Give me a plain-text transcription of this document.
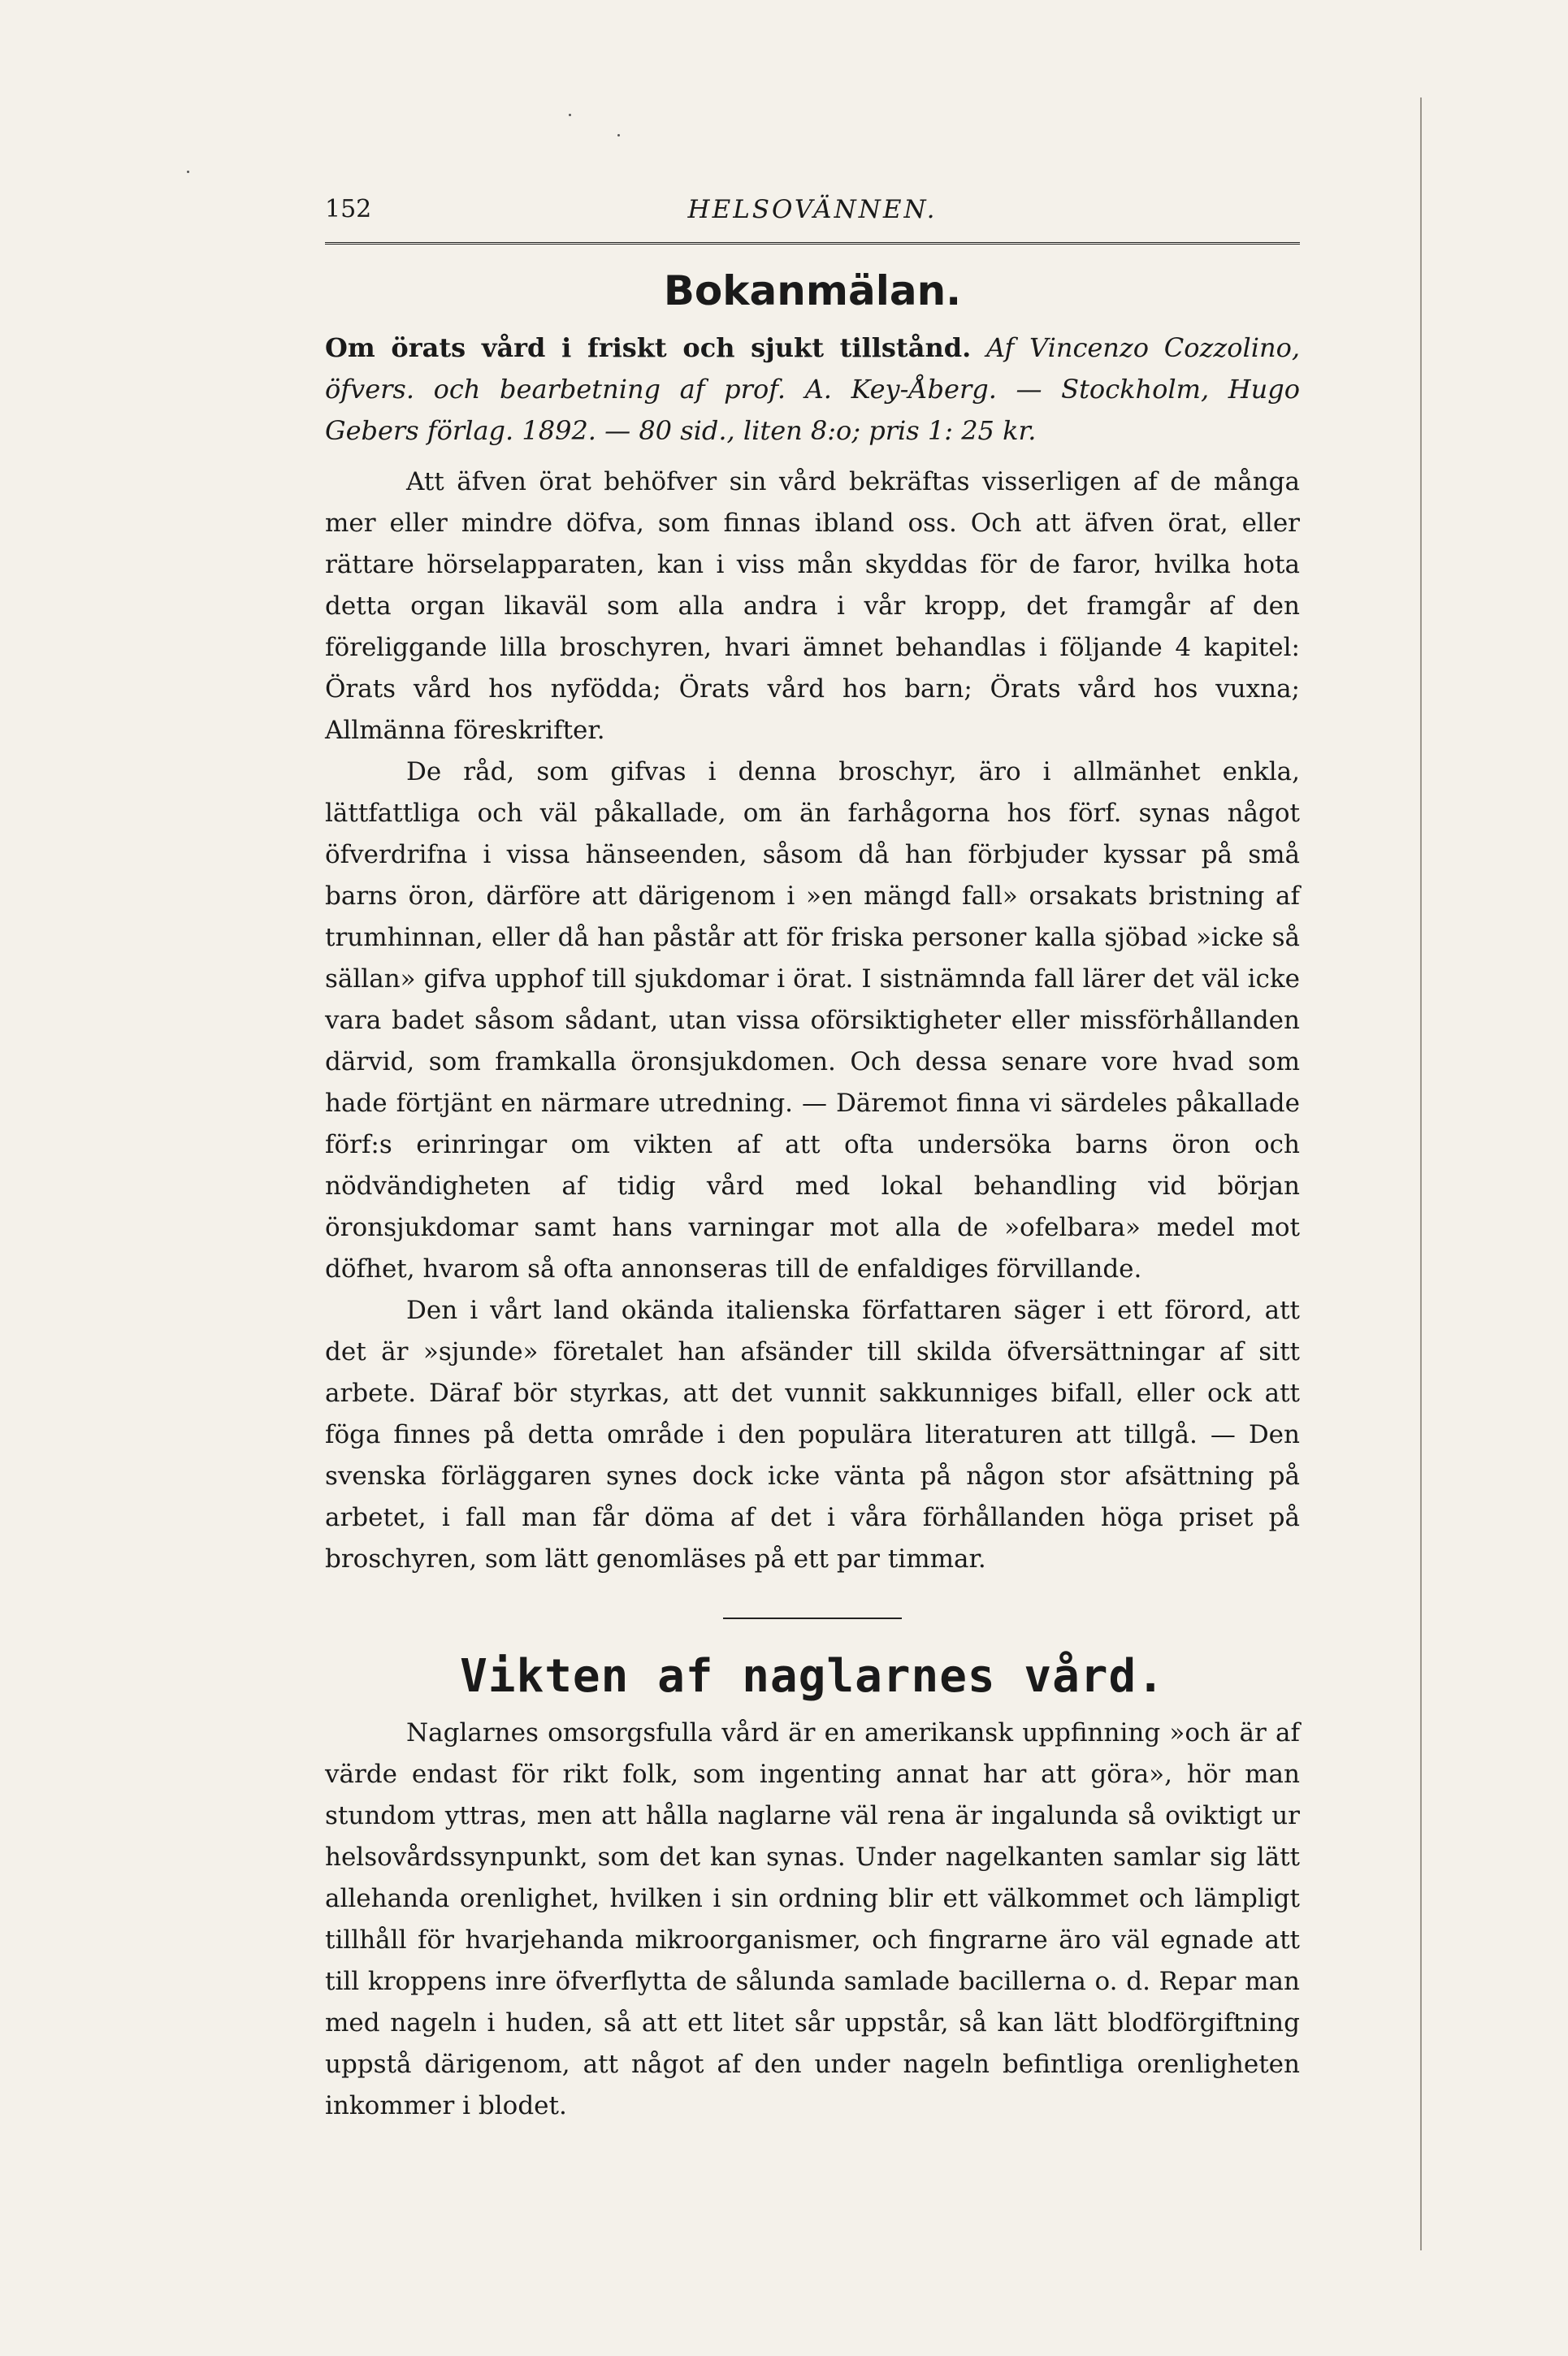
152	HELSOVÄNNEN.
Bokanmälan.

Om örats vård i friskt och sjukt tillstånd. Af Vincenzo Cozzolino, öfvers. och bearbetning af prof. A. Key-Åberg. — Stockholm, Hugo Gebers förlag. 1892. — 80 sid., liten 8:o; pris 1: 25 kr.

Att äfven örat behöfver sin vård bekräftas visserligen af de många mer eller mindre döfva, som finnas ibland oss. Och att äfven örat, eller rättare hörselapparaten, kan i viss mån skyddas för de faror, hvilka hota detta organ likaväl som alla andra i vår kropp, det framgår af den föreliggande lilla broschyren, hvari ämnet behandlas i följande 4 kapitel: Örats vård hos nyfödda; Örats vård hos barn; Örats vård hos vuxna; Allmänna föreskrifter.

De råd, som gifvas i denna broschyr, äro i allmänhet enkla, lättfattliga och väl påkallade, om än farhågorna hos förf. synas något öfverdrifna i vissa hänseenden, såsom då han förbjuder kyssar på små barns öron, därföre att därigenom i »en mängd fall» orsakats bristning af trumhinnan, eller då han påstår att för friska personer kalla sjöbad »icke så sällan» gifva upphof till sjukdomar i örat. I sistnämnda fall lärer det väl icke vara badet såsom sådant, utan vissa oförsiktigheter eller missförhållanden därvid, som framkalla öronsjukdomen. Och dessa senare vore hvad som hade förtjänt en närmare utredning. — Däremot finna vi särdeles påkallade förf:s erinringar om vikten af att ofta undersöka barns öron och nödvändigheten af tidig vård med lokal behandling vid början öronsjukdomar samt hans varningar mot alla de »ofelbara» medel mot döfhet, hvarom så ofta annonseras till de enfaldiges förvillande.

Den i vårt land okända italienska författaren säger i ett förord, att det är »sjunde» företalet han afsänder till skilda öfversättningar af sitt arbete. Däraf bör styrkas, att det vunnit sakkunniges bifall, eller ock att föga finnes på detta område i den populära literaturen att tillgå. — Den svenska förläggaren synes dock icke vänta på någon stor afsättning på arbetet, i fall man får döma af det i våra förhållanden höga priset på broschyren, som lätt genomläses på ett par timmar.

Vikten af naglarnes vård.

Naglarnes omsorgsfulla vård är en amerikansk uppfinning »och är af värde endast för rikt folk, som ingenting annat har att göra», hör man stundom yttras, men att hålla naglarne väl rena är ingalunda så oviktigt ur helsovårdssynpunkt, som det kan synas. Under nagelkanten samlar sig lätt allehanda orenlighet, hvilken i sin ordning blir ett välkommet och lämpligt tillhåll för hvarjehanda mikroorganismer, och fingrarne äro väl egnade att till kroppens inre öfverflytta de sålunda samlade bacillerna o. d. Repar man med nageln i huden, så att ett litet sår uppstår, så kan lätt blodförgiftning uppstå därigenom, att något af den under nageln befintliga orenligheten inkommer i blodet.
